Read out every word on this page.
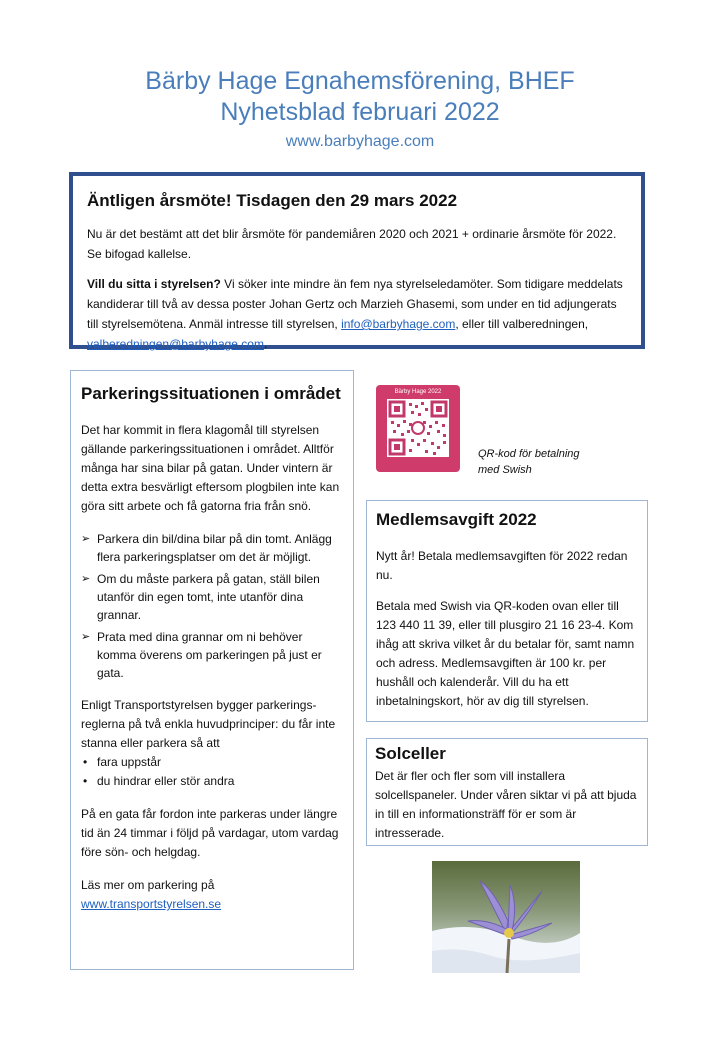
Bärby Hage Egnahemsförening, BHEF
Nyhetsblad februari 2022
www.barbyhage.com
Äntligen årsmöte! Tisdagen den 29 mars 2022

Nu är det bestämt att det blir årsmöte för pandemiåren 2020 och 2021 + ordinarie årsmöte för 2022. Se bifogad kallelse.

Vill du sitta i styrelsen? Vi söker inte mindre än fem nya styrelseledamöter. Som tidigare meddelats kandiderar till två av dessa poster Johan Gertz och Marzieh Ghasemi, som under en tid adjungerats till styrelsemötena. Anmäl intresse till styrelsen, info@barbyhage.com, eller till valberedningen, valberedningen@barbyhage.com.

Parkeringssituationen i området

Det har kommit in flera klagomål till styrelsen gällande parkeringssituationen i området. Alltför många har sina bilar på gatan. Under vintern är detta extra besvärligt eftersom plogbilen inte kan göra sitt arbete och få gatorna fria från snö.

➢ Parkera din bil/dina bilar på din tomt. Anlägg flera parkeringsplatser om det är möjligt.
➢ Om du måste parkera på gatan, ställ bilen utanför din egen tomt, inte utanför dina grannar.
➢ Prata med dina grannar om ni behöver komma överens om parkeringen på just er gata.

Enligt Transportstyrelsen bygger parkerings-reglerna på två enkla huvudprinciper: du får inte stanna eller parkera så att

• fara uppstår
• du hindrar eller stör andra

På en gata får fordon inte parkeras under längre tid än 24 timmar i följd på vardagar, utom vardag före sön- och helgdag.

Läs mer om parkering på
www.transportstyrelsen.se

Bärby Hage 2022
QR-kod för betalning
med Swish
Medlemsavgift 2022

Nytt år! Betala medlemsavgiften för 2022 redan nu.

Betala med Swish via QR-koden ovan eller till 123 440 11 39, eller till plusgiro 21 16 23-4. Kom ihåg att skriva vilket år du betalar för, samt namn och adress. Medlemsavgiften är 100 kr. per hushåll och kalenderår. Vill du ha ett inbetalningskort, hör av dig till styrelsen.

Solceller

Det är fler och fler som vill installera solcellspaneler. Under våren siktar vi på att bjuda in till en informationsträff för er som är intresserade.
